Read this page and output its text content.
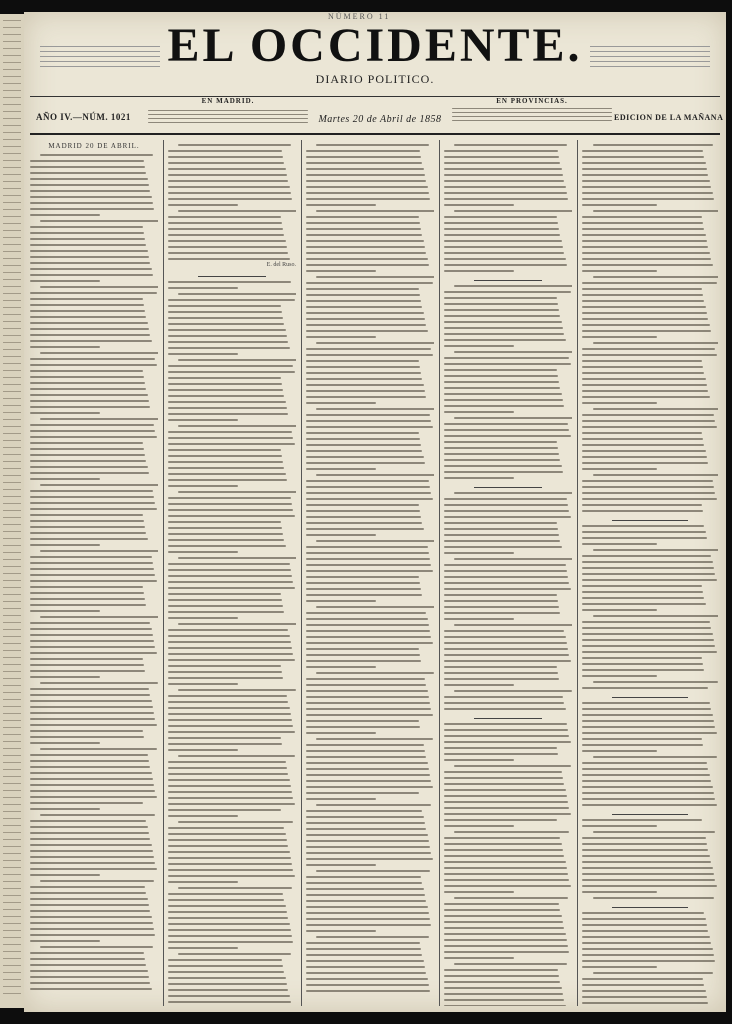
NÚMERO 11
EL OCCIDENTE.
DIARIO POLITICO.
AÑO IV.—NÚM. 1021
EN MADRID.
Martes 20 de Abril de 1858
EN PROVINCIAS.
EDICION DE LA MAÑANA
MADRID 20 DE ABRIL.
E. del Ruso.
